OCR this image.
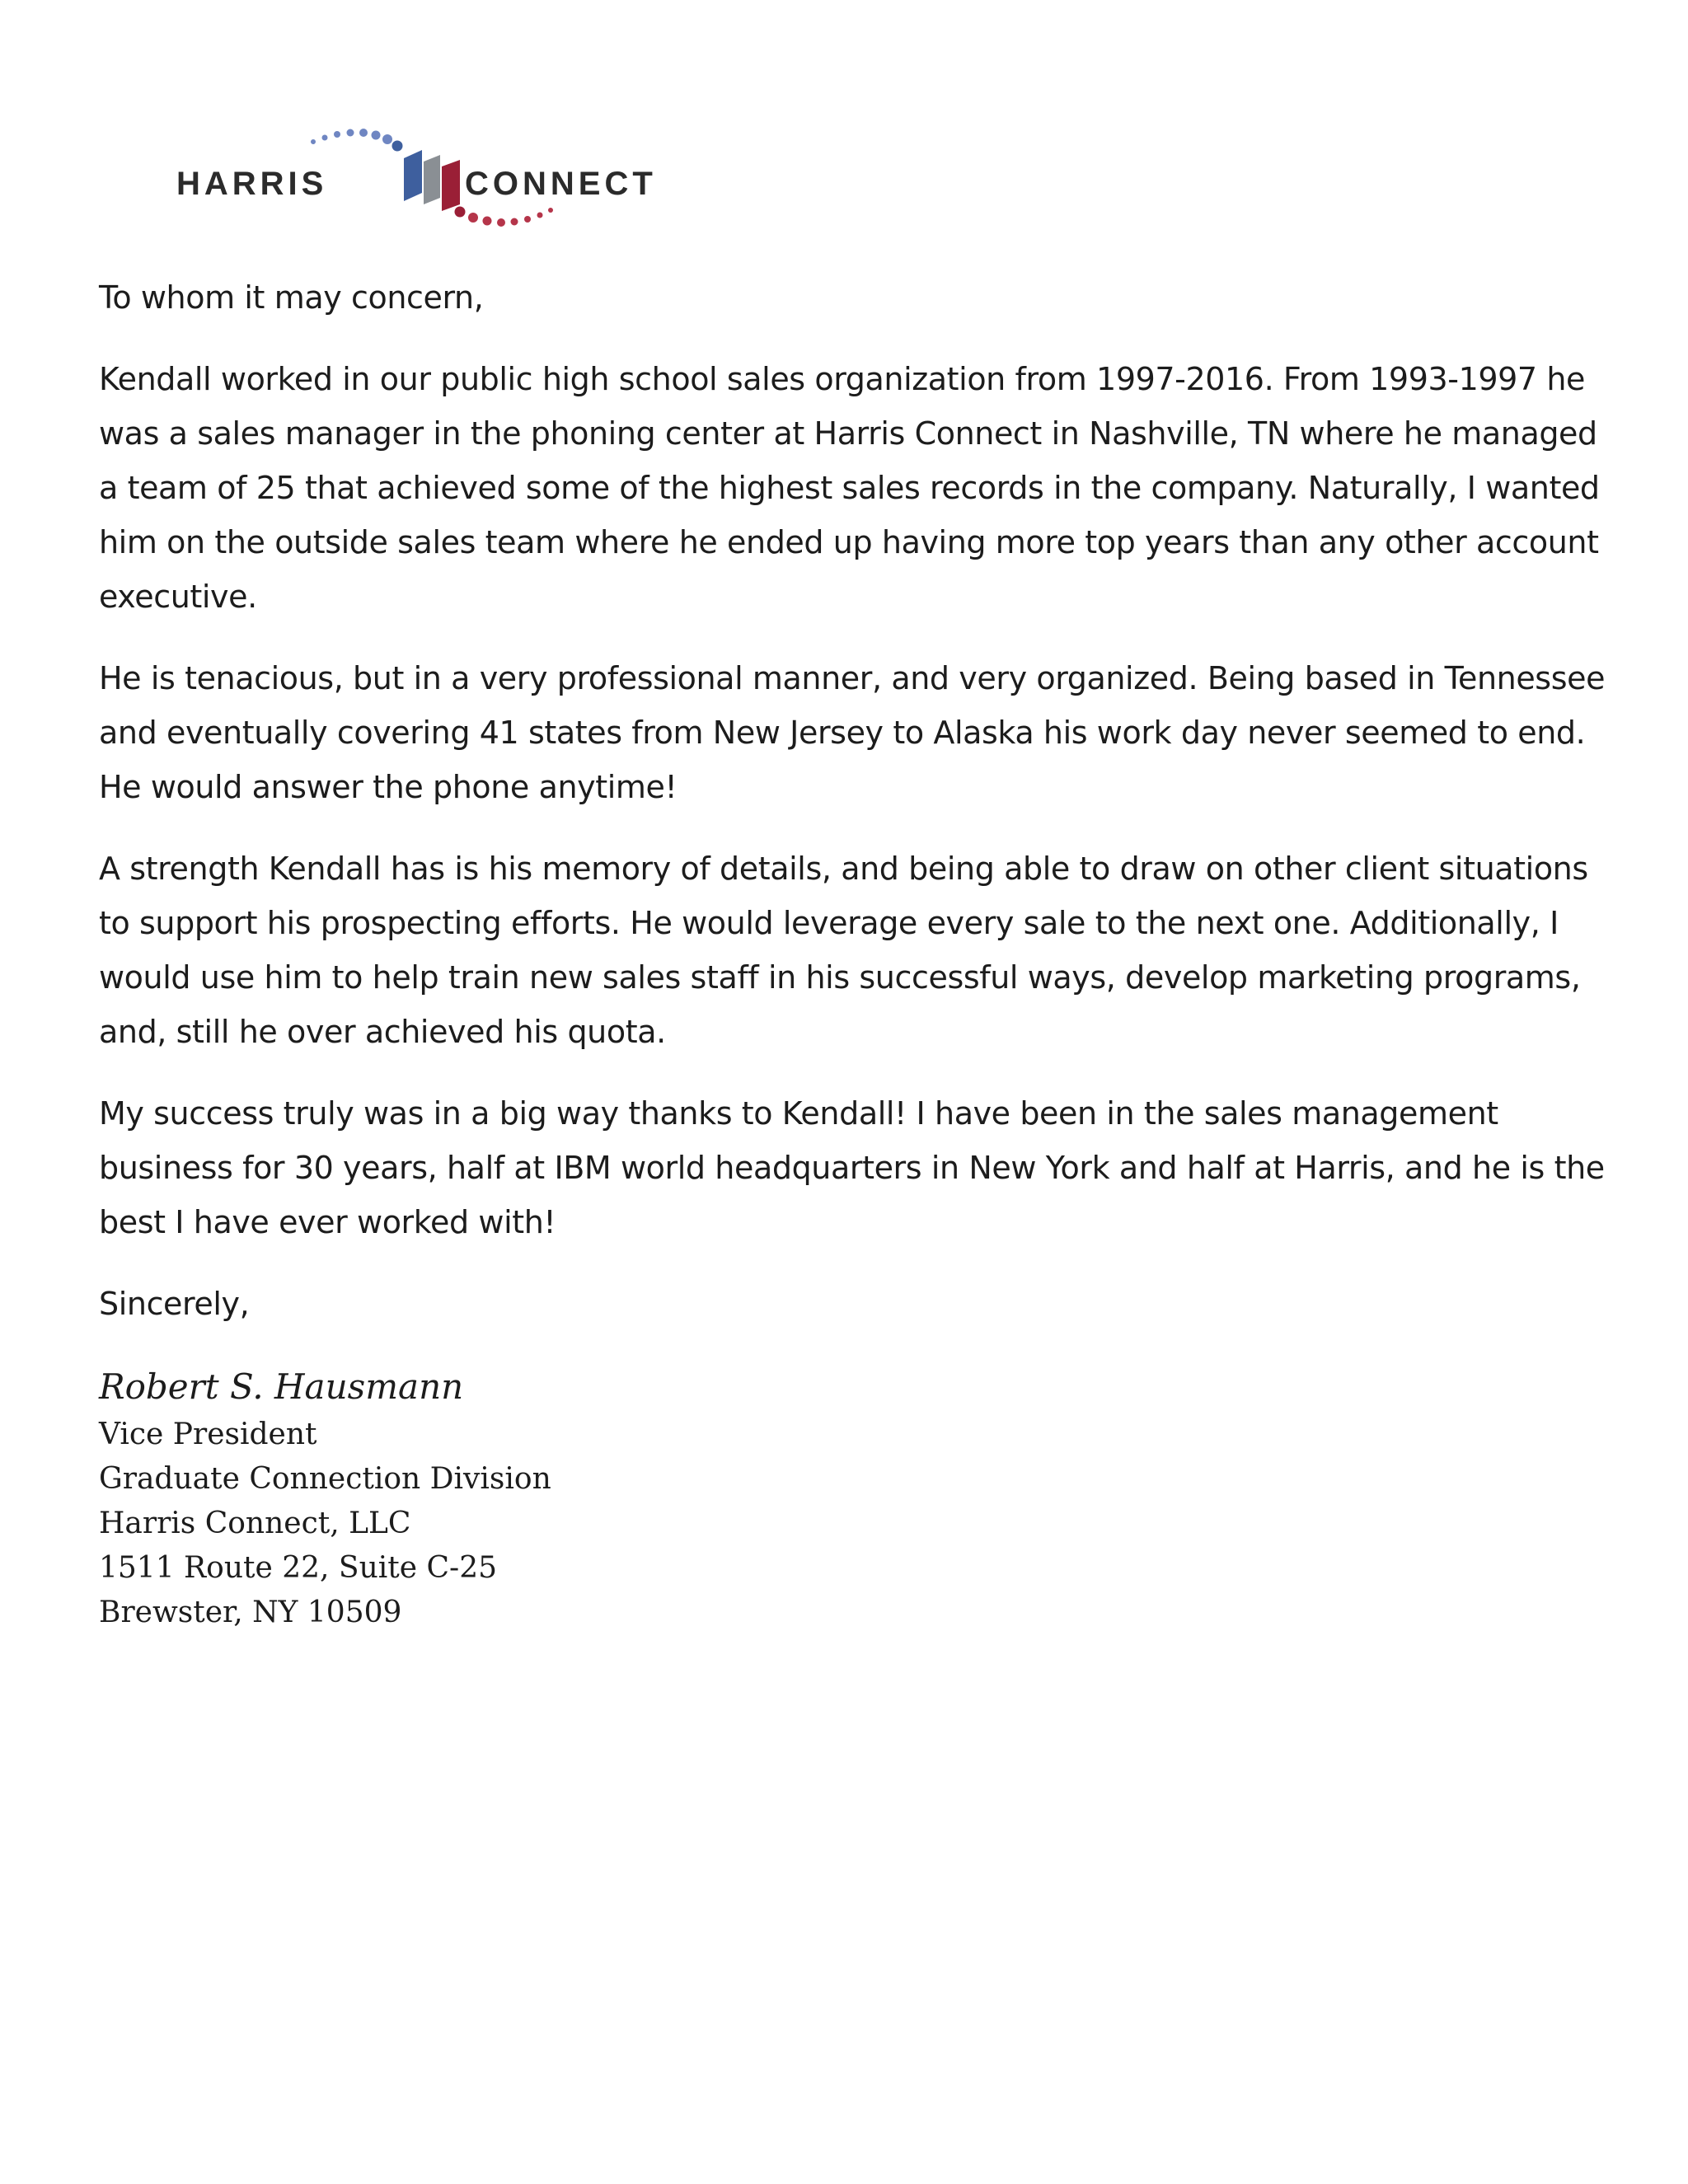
HARRIS	CONNECT

To whom it may concern,

Kendall worked in our public high school sales organization from 1997-2016. From 1993-1997 he was a sales manager in the phoning center at Harris Connect in Nashville, TN where he managed a team of 25 that achieved some of the highest sales records in the company. Naturally, I wanted him on the outside sales team where he ended up having more top years than any other account executive.

He is tenacious, but in a very professional manner, and very organized. Being based in Tennessee and eventually covering 41 states from New Jersey to Alaska his work day never seemed to end. He would answer the phone anytime!

A strength Kendall has is his memory of details, and being able to draw on other client situations to support his prospecting efforts. He would leverage every sale to the next one. Additionally, I would use him to help train new sales staff in his successful ways, develop marketing programs, and, still he over achieved his quota.

My success truly was in a big way thanks to Kendall! I have been in the sales management business for 30 years, half at IBM world headquarters in New York and half at Harris, and he is the best I have ever worked with!

Sincerely,

Robert S. Hausmann

Vice President

Graduate Connection Division

Harris Connect, LLC

1511 Route 22, Suite C-25

Brewster, NY 10509
